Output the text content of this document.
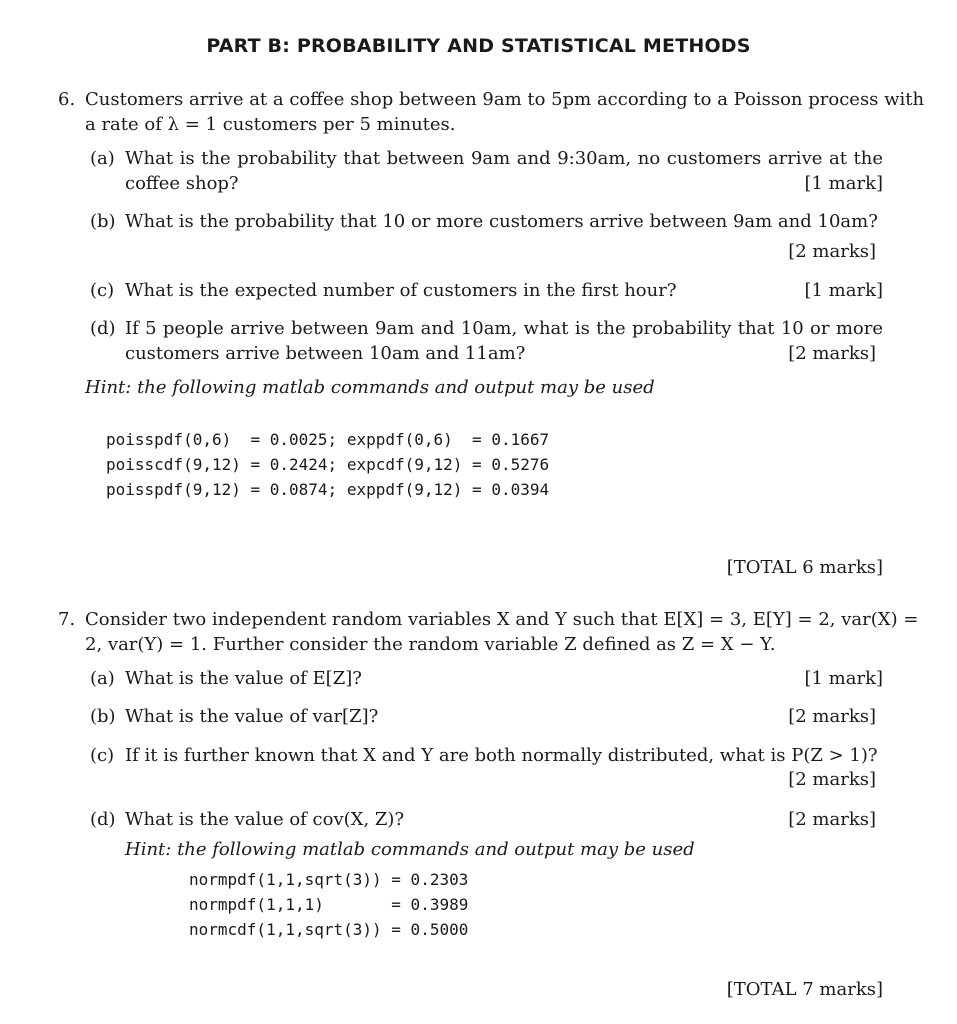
PART B: PROBABILITY AND STATISTICAL METHODS
6. Customers arrive at a coffee shop between 9am to 5pm according to a Poisson process with
a rate of λ = 1 customers per 5 minutes.
(a) What is the probability that between 9am and 9:30am, no customers arrive at the
coffee shop?	[1 mark]
(b) What is the probability that 10 or more customers arrive between 9am and 10am?
[2 marks]
(c) What is the expected number of customers in the first hour?	[1 mark]
(d) If 5 people arrive between 9am and 10am, what is the probability that 10 or more
customers arrive between 10am and 11am?	[2 marks]
Hint: the following matlab commands and output may be used
poisspdf(0,6)  = 0.0025; exppdf(0,6)  = 0.1667
poisscdf(9,12) = 0.2424; expcdf(9,12) = 0.5276
poisspdf(9,12) = 0.0874; exppdf(9,12) = 0.0394
[TOTAL 6 marks]
7. Consider two independent random variables X and Y such that E[X] = 3, E[Y] = 2, var(X) =
2, var(Y) = 1. Further consider the random variable Z defined as Z = X − Y.
(a) What is the value of E[Z]?	[1 mark]
(b) What is the value of var[Z]?	[2 marks]
(c) If it is further known that X and Y are both normally distributed, what is P(Z > 1)?
[2 marks]
(d) What is the value of cov(X, Z)?	[2 marks]
Hint: the following matlab commands and output may be used
normpdf(1,1,sqrt(3)) = 0.2303
normpdf(1,1,1)       = 0.3989
normcdf(1,1,sqrt(3)) = 0.5000
[TOTAL 7 marks]
